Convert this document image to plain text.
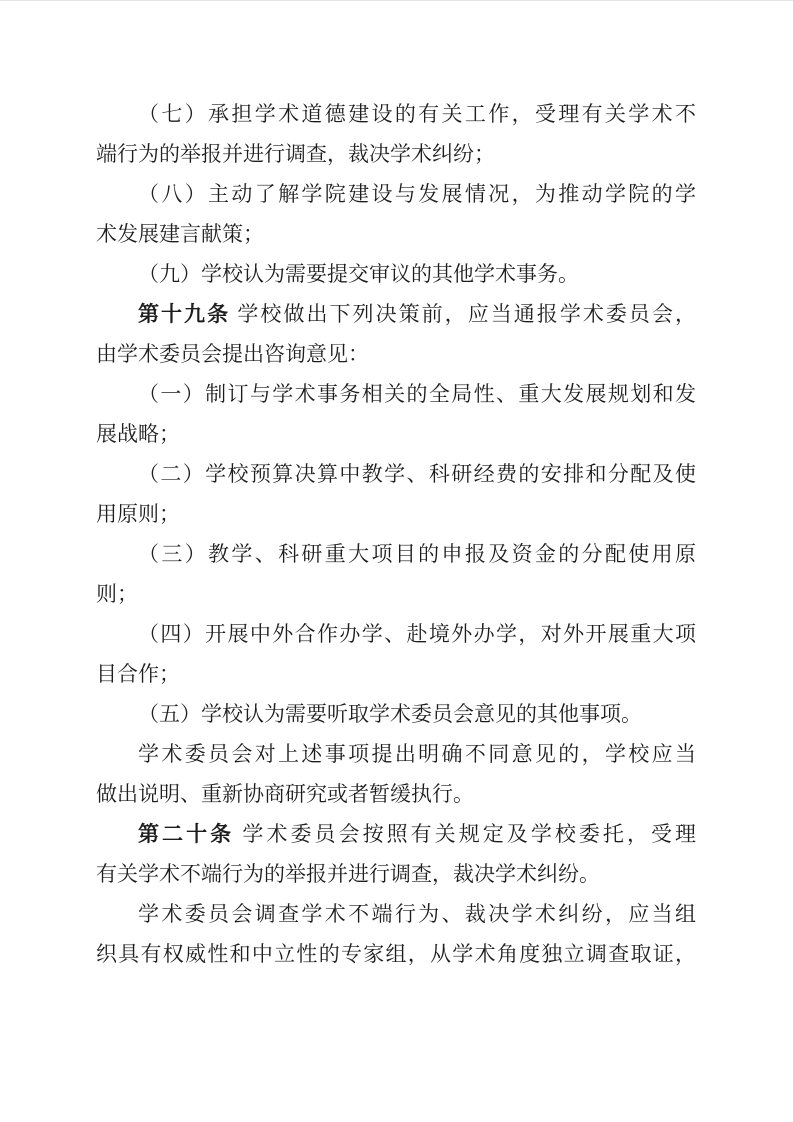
（七）承担学术道德建设的有关工作，受理有关学术不
端行为的举报并进行调查，裁决学术纠纷；

（八）主动了解学院建设与发展情况，为推动学院的学
术发展建言献策；

（九）学校认为需要提交审议的其他学术事务。

第十九条 学校做出下列决策前，应当通报学术委员会，
由学术委员会提出咨询意见：

（一）制订与学术事务相关的全局性、重大发展规划和发
展战略；

（二）学校预算决算中教学、科研经费的安排和分配及使
用原则；

（三）教学、科研重大项目的申报及资金的分配使用原
则；

（四）开展中外合作办学、赴境外办学，对外开展重大项
目合作；

（五）学校认为需要听取学术委员会意见的其他事项。

学术委员会对上述事项提出明确不同意见的，学校应当
做出说明、重新协商研究或者暂缓执行。

第二十条 学术委员会按照有关规定及学校委托，受理
有关学术不端行为的举报并进行调查，裁决学术纠纷。

学术委员会调查学术不端行为、裁决学术纠纷，应当组
织具有权威性和中立性的专家组，从学术角度独立调查取证，
